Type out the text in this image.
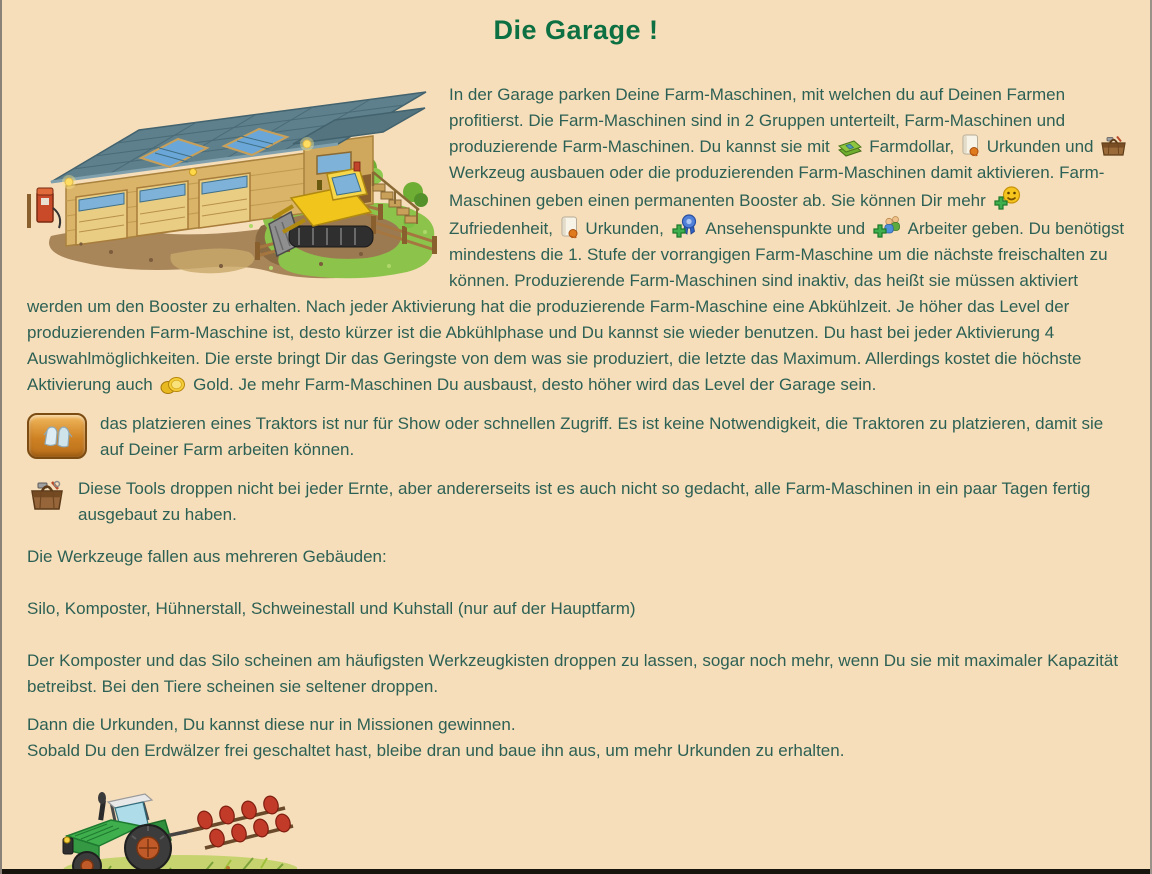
Die Garage !

In der Garage parken Deine Farm-Maschinen, mit welchen du auf Deinen Farmen profitierst. Die Farm-Maschinen sind in 2 Gruppen unterteilt, Farm-Maschinen und produzierende Farm-Maschinen. Du kannst sie mit
Farmdollar,
Urkunden und
Werkzeug ausbauen oder die produzierenden Farm-Maschinen damit aktivieren. Farm-Maschinen geben einen permanenten Booster ab. Sie können Dir mehr
Zufriedenheit,
Urkunden,
Ansehenspunkte und
Arbeiter geben. Du benötigst mindestens die 1. Stufe der vorrangigen Farm-Maschine um die nächste freischalten zu können. Produzierende Farm-Maschinen sind inaktiv, das heißt sie müssen aktiviert werden um den Booster zu erhalten. Nach jeder Aktivierung hat die produzierende Farm-Maschine eine Abkühlzeit. Je höher das Level der produzierenden Farm-Maschine ist, desto kürzer ist die Abkühlphase und Du kannst sie wieder benutzen. Du hast bei jeder Aktivierung 4 Auswahlmöglichkeiten. Die erste bringt Dir das Geringste von dem was sie produziert, die letzte das Maximum. Allerdings kostet die höchste Aktivierung auch
Gold. Je mehr Farm-Maschinen Du ausbaust, desto höher wird das Level der Garage sein.

das platzieren eines Traktors ist nur für Show oder schnellen Zugriff. Es ist keine Notwendigkeit, die Traktoren zu platzieren, damit sie auf Deiner Farm arbeiten können.

Diese Tools droppen nicht bei jeder Ernte, aber andererseits ist es auch nicht so gedacht, alle Farm-Maschinen in ein paar Tagen fertig ausgebaut zu haben.

Die Werkzeuge fallen aus mehreren Gebäuden:

Silo, Komposter, Hühnerstall, Schweinestall und Kuhstall (nur auf der Hauptfarm)

Der Komposter und das Silo scheinen am häufigsten Werkzeugkisten droppen zu lassen, sogar noch mehr, wenn Du sie mit maximaler Kapazität betreibst. Bei den Tiere scheinen sie seltener droppen.

Dann die Urkunden, Du kannst diese nur in Missionen gewinnen.
Sobald Du den Erdwälzer frei geschaltet hast, bleibe dran und baue ihn aus, um mehr Urkunden zu erhalten.
